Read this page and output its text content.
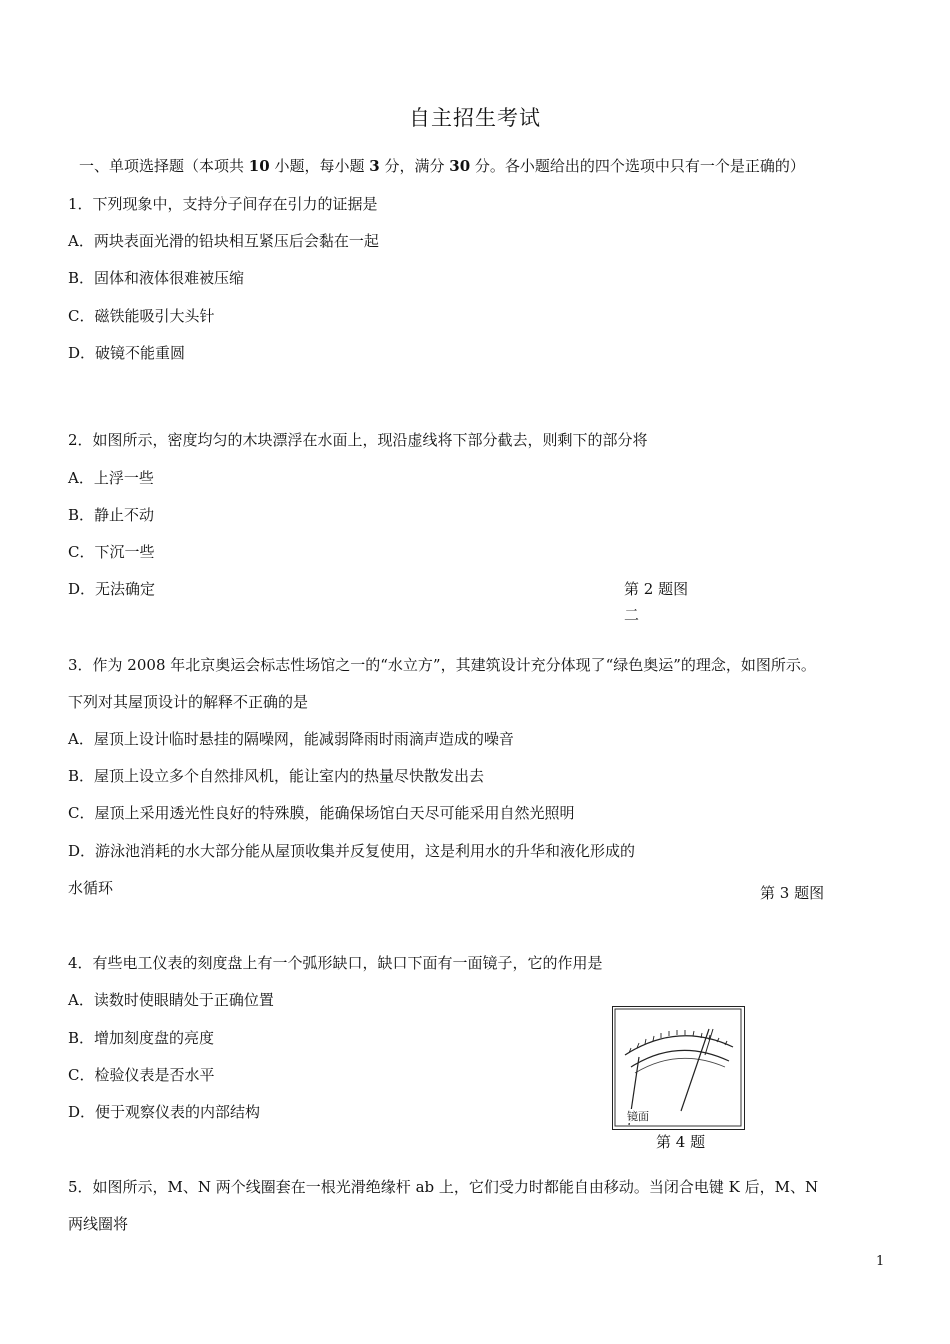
自主招生考试
一、单项选择题（本项共 10 小题，每小题 3 分，满分 30 分。各小题给出的四个选项中只有一个是正确的）
1．下列现象中，支持分子间存在引力的证据是
A．两块表面光滑的铅块相互紧压后会黏在一起
B．固体和液体很难被压缩
C．磁铁能吸引大头针
D．破镜不能重圆
2．如图所示，密度均匀的木块漂浮在水面上，现沿虚线将下部分截去，则剩下的部分将
A．上浮一些
B．静止不动
C．下沉一些
D．无法确定	第 2 题图
二
3．作为 2008 年北京奥运会标志性场馆之一的“水立方”，其建筑设计充分体现了“绿色奥运”的理念，如图所示。
下列对其屋顶设计的解释不正确的是
A．屋顶上设计临时悬挂的隔噪网，能减弱降雨时雨滴声造成的噪音
B．屋顶上设立多个自然排风机，能让室内的热量尽快散发出去
C．屋顶上采用透光性良好的特殊膜，能确保场馆白天尽可能采用自然光照明
D．游泳池消耗的水大部分能从屋顶收集并反复使用，这是利用水的升华和液化形成的
水循环	第 3 题图
4．有些电工仪表的刻度盘上有一个弧形缺口，缺口下面有一面镜子，它的作用是
A．读数时使眼睛处于正确位置
B．增加刻度盘的亮度
C．检验仪表是否水平
D．便于观察仪表的内部结构	镜面
第 4 题
5．如图所示，M、N 两个线圈套在一根光滑绝缘杆 ab 上，它们受力时都能自由移动。当闭合电键 K 后，M、N
两线圈将
1
